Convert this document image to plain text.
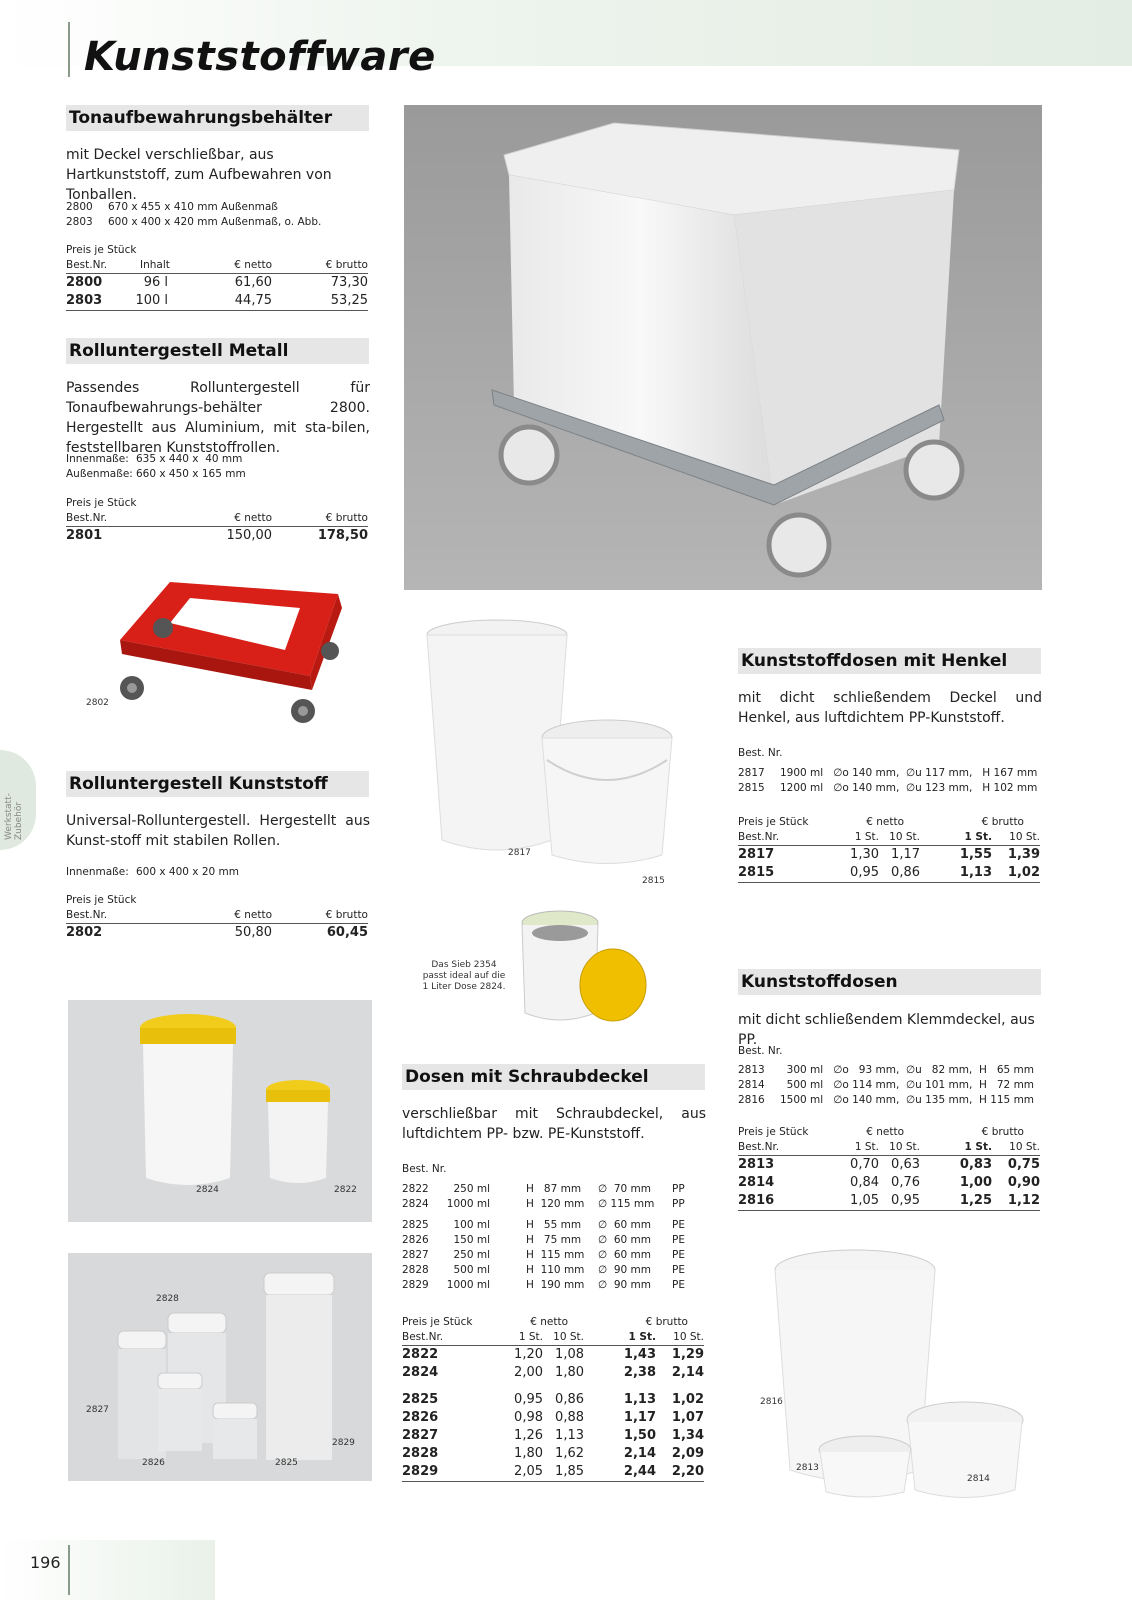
Kunststoffware
Werkstatt- Zubehör
Tonaufbewahrungsbehälter
mit Deckel verschließbar, aus Hartkunststoff, zum Aufbewahren von Tonballen.
2800 670 x 455 x 410 mm Außenmaß
2803 600 x 400 x 420 mm Außenmaß, o. Abb.
Preis je Stück
Best.Nr.	Inhalt	€ netto	€ brutto
2800	96 l	61,60	73,30
2803	100 l	44,75	53,25
Rolluntergestell Metall
Passendes Rolluntergestell für Tonaufbewahrungs-behälter 2800. Hergestellt aus Aluminium, mit sta-bilen, feststellbaren Kunststoffrollen.
Innenmaße: 635 x 440 x  40 mm
Außenmaße: 660 x 450 x 165 mm
Preis je Stück
Best.Nr.	€ netto	€ brutto
2801	150,00	178,50
2802
Rolluntergestell Kunststoff
Universal-Rolluntergestell. Hergestellt aus Kunst-stoff mit stabilen Rollen.
Innenmaße: 600 x 400 x 20 mm
Preis je Stück
Best.Nr.	€ netto	€ brutto
2802	50,80	60,45
2817
2815
Das Sieb 2354 passt ideal auf die 1 Liter Dose 2824.
Kunststoffdosen mit Henkel
mit dicht schließendem Deckel und Henkel, aus luftdichtem PP-Kunststoff.
Best. Nr.
2817 1900 ml   ∅o 140 mm,  ∅u 117 mm,   H 167 mm
2815 1200 ml   ∅o 140 mm,  ∅u 123 mm,   H 102 mm
Preis je Stück	€ netto	€ brutto
Best.Nr.	1 St. 10 St.	1 St. 10 St.
2817	1,30 1,17	1,55 1,39
2815	0,95 0,86	1,13 1,02
Kunststoffdosen
mit dicht schließendem Klemmdeckel, aus PP.
Best. Nr.
2813  300 ml   ∅o   93 mm,  ∅u   82 mm,  H   65 mm
2814  500 ml   ∅o 114 mm,  ∅u 101 mm,  H   72 mm
2816 1500 ml   ∅o 140 mm,  ∅u 135 mm,  H 115 mm
Preis je Stück	€ netto	€ brutto
Best.Nr.	1 St. 10 St.	1 St. 10 St.
2813	0,70 0,63	0,83 0,75
2814	0,84 0,76	1,00 0,90
2816	1,05 0,95	1,25 1,12
2816
2813
2814
Dosen mit Schraubdeckel
verschließbar mit Schraubdeckel, aus luftdichtem PP- bzw. PE-Kunststoff.
Best. Nr.
2822 250 ml	H   87 mm ∅  70 mm PP
2824 1000 ml	H  120 mm ∅ 115 mm PP
2825 100 ml	H   55 mm ∅  60 mm PE
2826 150 ml	H   75 mm ∅  60 mm PE
2827 250 ml	H  115 mm ∅  60 mm PE
2828 500 ml	H  110 mm ∅  90 mm PE
2829 1000 ml	H  190 mm ∅  90 mm PE
Preis je Stück	€ netto	€ brutto
Best.Nr.	1 St. 10 St.	1 St. 10 St.
2822	1,20 1,08	1,43 1,29
2824	2,00 1,80	2,38 2,14
2825	0,95 0,86	1,13 1,02
2826	0,98 0,88	1,17 1,07
2827	1,26 1,13	1,50 1,34
2828	1,80 1,62	2,14 2,09
2829	2,05 1,85	2,44 2,20
2824	2822
2828
2827
2829
2826	2825
196
